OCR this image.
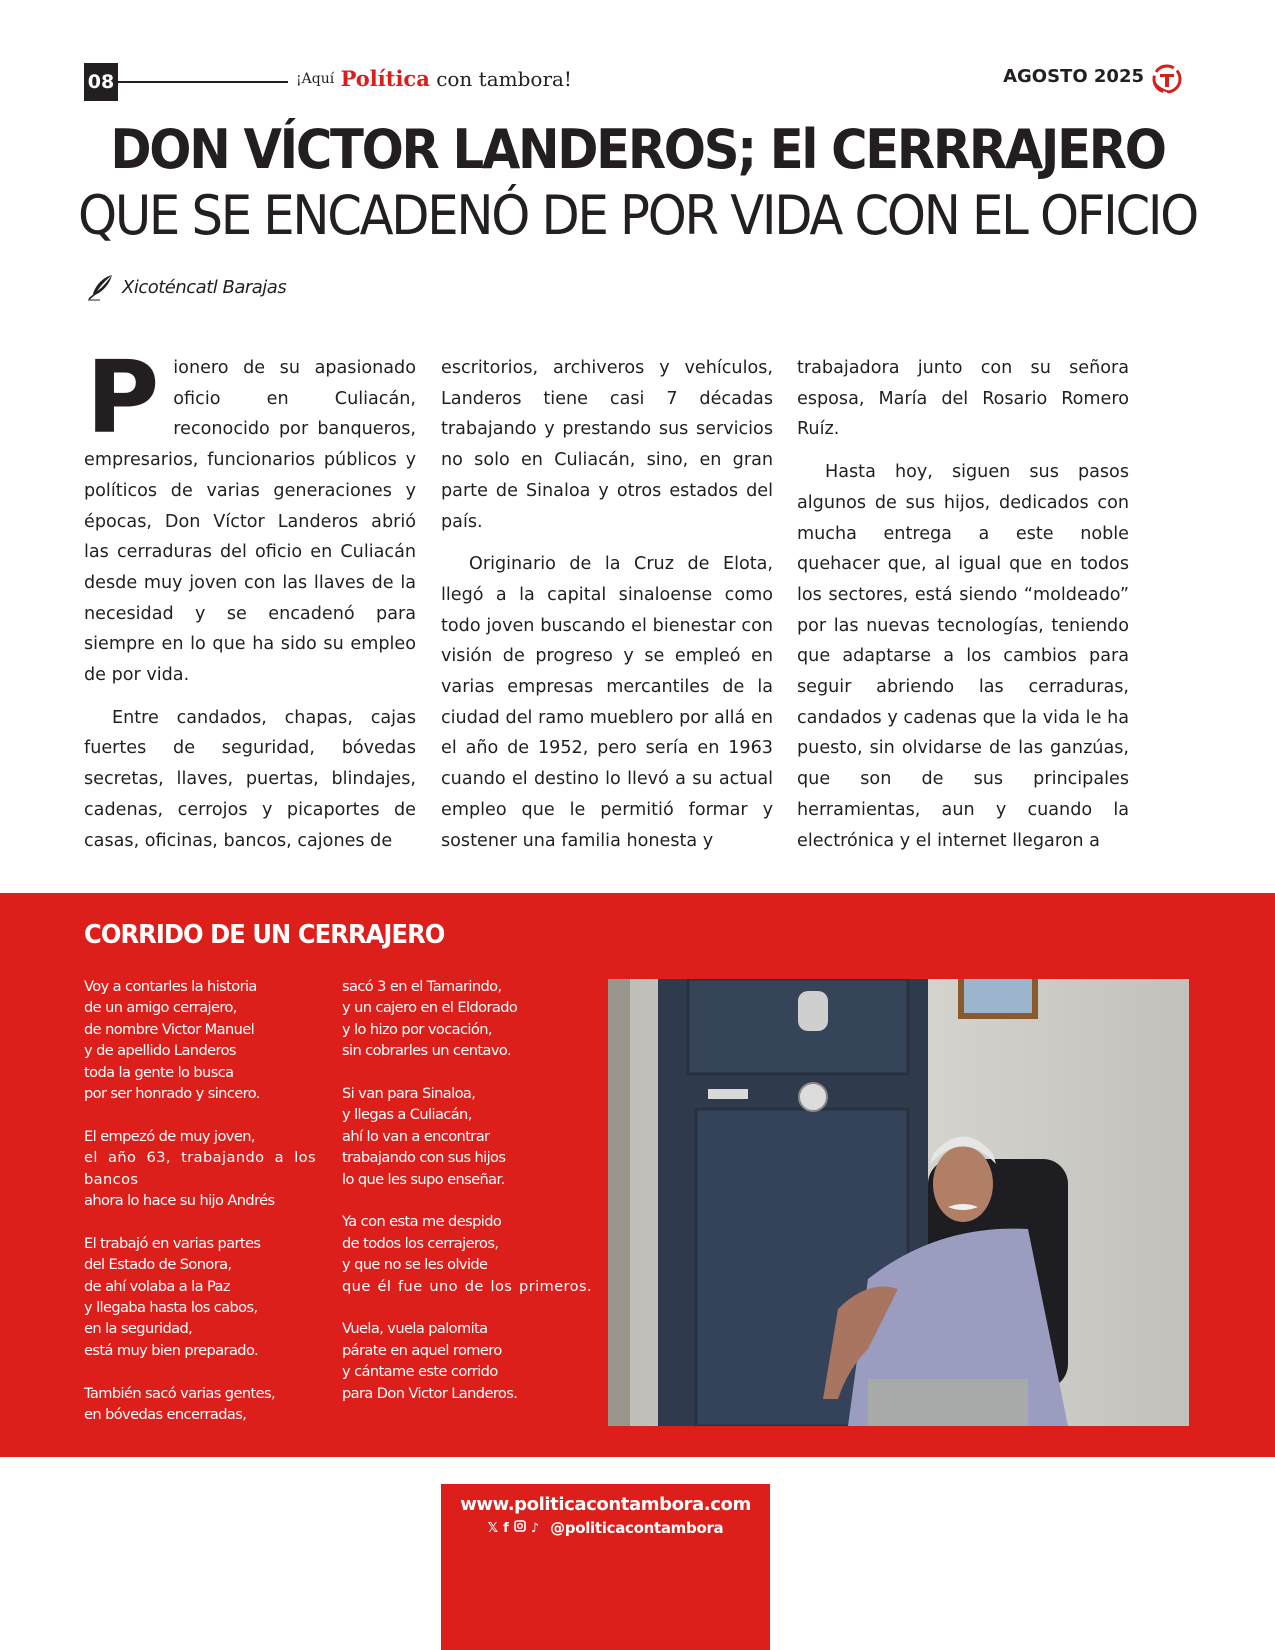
08	¡Aquí Política con tambora!	AGOSTO 2025
DON VÍCTOR LANDEROS; El CERRRAJERO
QUE SE ENCADENÓ DE POR VIDA CON EL OFICIO
Xicoténcatl Barajas

Pionero de su apasionado oficio en Culiacán, reconocido por banqueros, empresarios, funcionarios públicos y políticos de varias generaciones y épocas, Don Víctor Landeros abrió las cerraduras del oficio en Culiacán desde muy joven con las llaves de la necesidad y se encadenó para siempre en lo que ha sido su empleo de por vida.

Entre candados, chapas, cajas fuertes de seguridad, bóvedas secretas, llaves, puertas, blindajes, cadenas, cerrojos y picaportes de casas, oficinas, bancos, cajones de

escritorios, archiveros y vehículos, Landeros tiene casi 7 décadas trabajando y prestando sus servicios no solo en Culiacán, sino, en gran parte de Sinaloa y otros estados del país.

Originario de la Cruz de Elota, llegó a la capital sinaloense como todo joven buscando el bienestar con visión de progreso y se empleó en varias empresas mercantiles de la ciudad del ramo mueblero por allá en el año de 1952, pero sería en 1963 cuando el destino lo llevó a su actual empleo que le permitió formar y sostener una familia honesta y

trabajadora junto con su señora esposa, María del Rosario Romero Ruíz.

Hasta hoy, siguen sus pasos algunos de sus hijos, dedicados con mucha entrega a este noble quehacer que, al igual que en todos los sectores, está siendo “moldeado” por las nuevas tecnologías, teniendo que adaptarse a los cambios para seguir abriendo las cerraduras, candados y cadenas que la vida le ha puesto, sin olvidarse de las ganzúas, que son de sus principales herramientas, aun y cuando la electrónica y el internet llegaron a

CORRIDO DE UN CERRAJERO
Voy a contarles la historia
de un amigo cerrajero,
de nombre Victor Manuel
y de apellido Landeros
toda la gente lo busca
por ser honrado y sincero.
El empezó de muy joven,
el año 63, trabajando a los bancos
ahora lo hace su hijo Andrés
El trabajó en varias partes
del Estado de Sonora,
de ahí volaba a la Paz
y llegaba hasta los cabos,
en la seguridad,
está muy bien preparado.
También sacó varias gentes,
en bóvedas encerradas,
sacó 3 en el Tamarindo,
y un cajero en el Eldorado
y lo hizo por vocación,
sin cobrarles un centavo.
Si van para Sinaloa,
y llegas a Culiacán,
ahí lo van a encontrar
trabajando con sus hijos
lo que les supo enseñar.
Ya con esta me despido
de todos los cerrajeros,
y que no se les olvide
que él fue uno de los primeros.
Vuela, vuela palomita
párate en aquel romero
y cántame este corrido
para Don Victor Landeros.
www.politicacontambora.com
𝕏 f ♪ @politicacontambora
